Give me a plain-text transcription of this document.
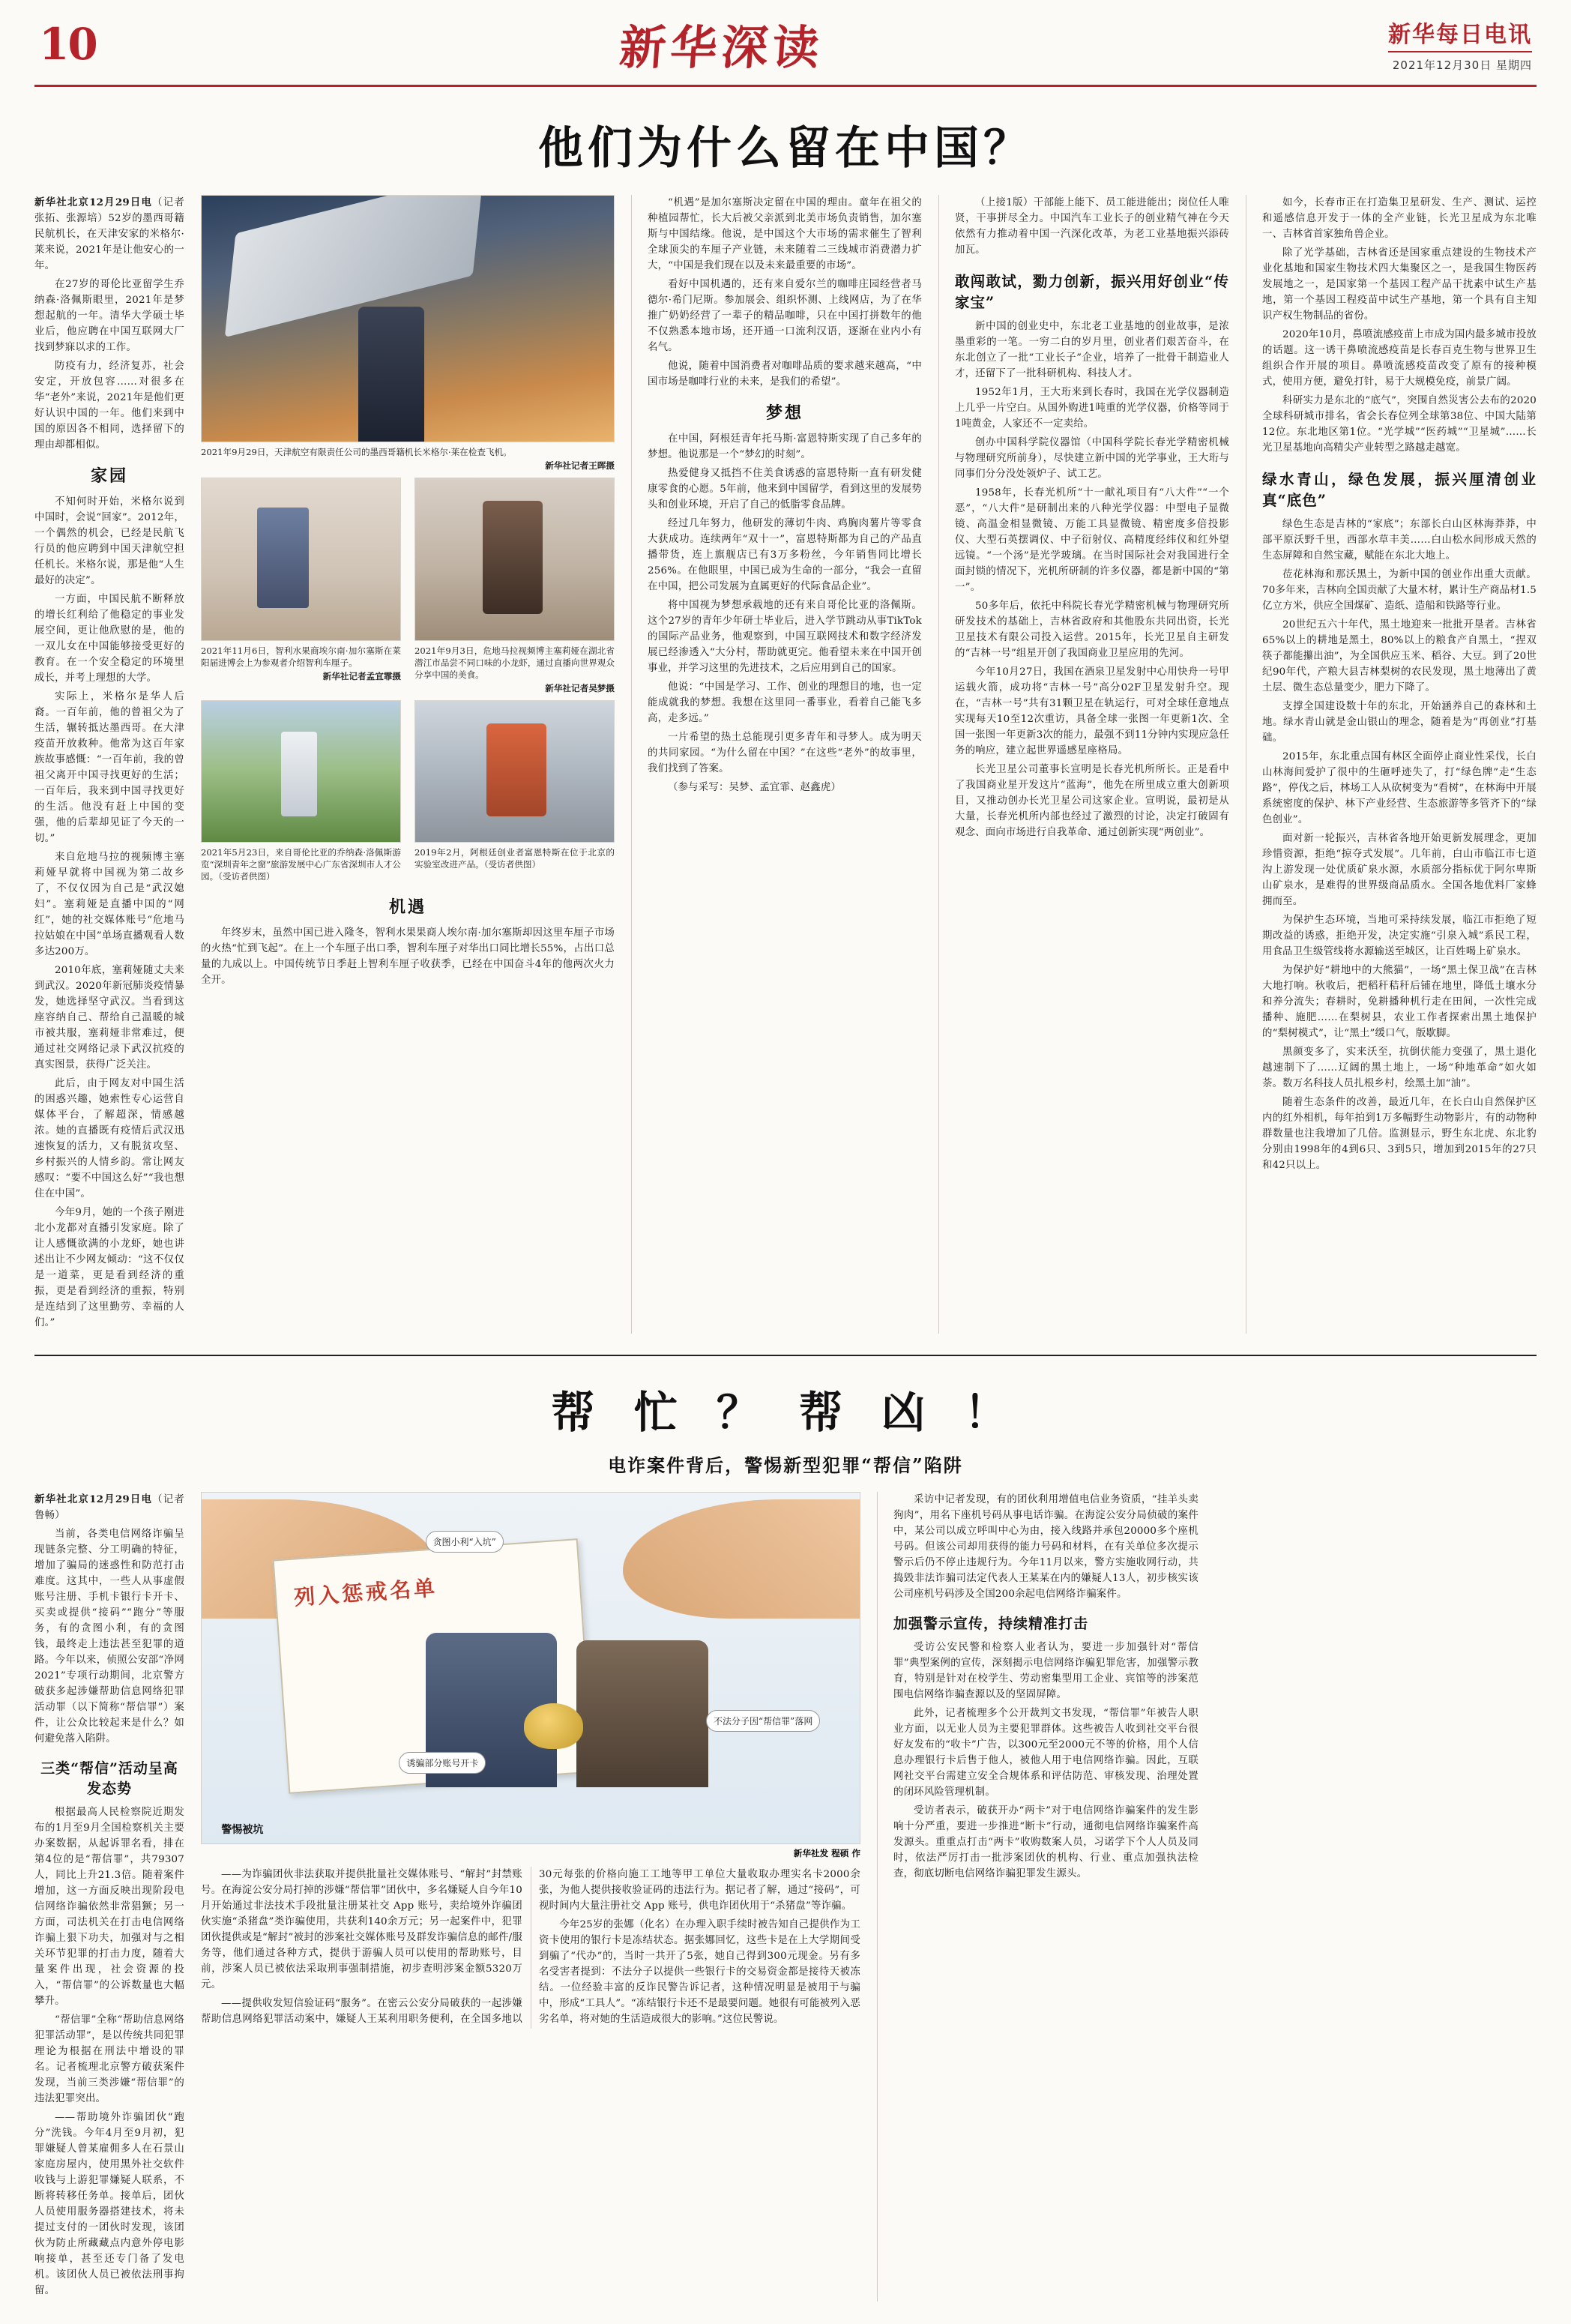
10	新华深读	新华每日电讯
2021年12月30日 星期四
他们为什么留在中国？

新华社北京12月29日电（记者张拓、张源培）52岁的墨西哥籍民航机长，在天津安家的米格尔·莱来说，2021年是让他安心的一年。

在27岁的哥伦比亚留学生乔纳森·洛佩斯眼里，2021年是梦想起航的一年。清华大学硕士毕业后，他应聘在中国互联网大厂找到梦寐以求的工作。

防疫有力，经济复苏，社会安定，开放包容……对很多在华“老外”来说，2021年是他们更好认识中国的一年。他们来到中国的原因各不相同，选择留下的理由却都相似。

家园

不知何时开始，米格尔说到中国时，会说“回家”。2012年，一个偶然的机会，已经是民航飞行员的他应聘到中国天津航空担任机长。米格尔说，那是他“人生最好的决定”。

一方面，中国民航不断释放的增长红利给了他稳定的事业发展空间，更让他欣慰的是，他的一双儿女在中国能够接受更好的教育。在一个安全稳定的环境里成长，并考上理想的大学。

实际上，米格尔是华人后裔。一百年前，他的曾祖父为了生活，辗转抵达墨西哥。在大津疫苗开放救种。他常为这百年家族故事感慨：“一百年前，我的曾祖父离开中国寻找更好的生活；一百年后，我来到中国寻找更好的生活。他没有赶上中国的变强，他的后辈却见证了今天的一切。”

来自危地马拉的视频博主塞莉娅早就将中国视为第二故乡了，不仅仅因为自己是“武汉媳妇”。塞莉娅是直播中国的“网红”，她的社交媒体账号“危地马拉姑娘在中国”单场直播观看人数多达200万。

2010年底，塞莉娅随丈夫来到武汉。2020年新冠肺炎疫情暴发，她选择坚守武汉。当看到这座容纳自己、帮给自己温暖的城市被共服，塞莉娅非常难过，便通过社交网络记录下武汉抗疫的真实图景，获得广泛关注。

此后，由于网友对中国生活的困惑兴趣，她索性专心运营自媒体平台，了解超深，情感越浓。她的直播既有疫情后武汉迅速恢复的活力，又有脱贫攻坚、乡村振兴的人情乡韵。常让网友感叹：“要不中国这么好”“我也想住在中国”。

今年9月，她的一个孩子刚进北小龙都对直播引发家庭。除了让人感慨欲满的小龙虾，她也讲述出让不少网友倾动：“这不仅仅是一道菜，更是看到经济的重振，更是看到经济的重振，特别是连结到了这里勤劳、幸福的人们。”

2021年9月29日，天津航空有限责任公司的墨西哥籍机长米格尔·莱在检查飞机。
新华社记者王晖摄
2021年11月6日，智利水果商埃尔南·加尔塞斯在莱阳届进博会上为参观者介绍智利车厘子。
新华社记者孟宜霏摄
2021年9月3日，危地马拉视频博主塞莉娅在湖北省潜江市品尝不同口味的小龙虾，通过直播向世界观众分享中国的美食。
新华社记者吴梦摄
2021年5月23日，来自哥伦比亚的乔纳森·洛佩斯游览“深圳青年之窗”旅游发展中心广东省深圳市人才公园。（受访者供图）
2019年2月，阿根廷创业者富恩特斯在位于北京的实验室改进产品。（受访者供图）
机遇

年终岁末，虽然中国已进入隆冬，智利水果果商人埃尔南·加尔塞斯却因这里车厘子市场的火热“忙到飞起”。在上一个车厘子出口季，智利车厘子对华出口同比增长55%，占出口总量的九成以上。中国传统节日季赶上智利车厘子收获季，已经在中国奋斗4年的他两次火力全开。

“机遇”是加尔塞斯决定留在中国的理由。童年在祖父的种植园帮忙，长大后被父亲派到北美市场负责销售，加尔塞斯与中国结缘。他说，是中国这个大市场的需求催生了智利全球顶尖的车厘子产业链，未来随着二三线城市消费潜力扩大，“中国是我们现在以及未来最重要的市场”。

看好中国机遇的，还有来自爱尔兰的咖啡庄园经营者马德尔·希门尼斯。参加展会、组织怀测、上线网店，为了在华推广奶奶经营了一辈子的精品咖啡，只在中国打拼数年的他不仅熟悉本地市场，还开通一口流利汉语，逐渐在业内小有名气。

他说，随着中国消费者对咖啡品质的要求越来越高，“中国市场是咖啡行业的未来，是我们的希望”。

梦想

在中国，阿根廷青年托马斯·富恩特斯实现了自己多年的梦想。他说那是一个“梦幻的时刻”。

热爱健身又抵挡不住美食诱惑的富恩特斯一直有研发健康零食的心愿。5年前，他来到中国留学，看到这里的发展势头和创业环境，开启了自己的低脂零食品牌。

经过几年努力，他研发的薄切牛肉、鸡胸肉薯片等零食大获成功。连续两年“双十一”，富恩特斯都为自己的产品直播带货，连上旗舰店已有3万多粉丝，今年销售同比增长256%。在他眼里，中国已成为生命的一部分，“我会一直留在中国，把公司发展为直属更好的代际食品企业”。

将中国视为梦想承载地的还有来自哥伦比亚的洛佩斯。这个27岁的青年少年研士毕业后，进入学节跳动从事TikTok的国际产品业务，他观察到，中国互联网技术和数字经济发展已经渗透入“大分村，帮助就更完。他看望未来在中国开创事业，并学习这里的先进技术，之后应用到自己的国家。

他说：“中国是学习、工作、创业的理想目的地，也一定能成就我的梦想。我想在这里同一番事业，看着自己能飞多高，走多远。”

一片希望的热土总能现引更多青年和寻梦人。成为明天的共同家园。“为什么留在中国？”在这些“老外”的故事里，我们找到了答案。

（参与采写：吴梦、孟宜霏、赵鑫虎）

（上接1版）干部能上能下、员工能进能出；岗位任人唯贤，干事拼尽全力。中国汽车工业长子的创业精气神在今天依然有力推动着中国一汽深化改革，为老工业基地振兴添砖加瓦。

敢闯敢试，勠力创新，振兴用好创业“传家宝”

新中国的创业史中，东北老工业基地的创业故事，是浓墨重彩的一笔。一穷二白的岁月里，创业者们艰苦奋斗，在东北创立了一批“工业长子”企业，培养了一批骨干制造业人才，还留下了一批科研机构、科技人才。

1952年1月，王大珩来到长春时，我国在光学仪器制造上几乎一片空白。从国外购进1吨重的光学仪器，价格等同于1吨黄金，人家还不一定卖给。

创办中国科学院仪器馆（中国科学院长春光学精密机械与物理研究所前身），尽快建立新中国的光学事业，王大珩与同事们分分没处领炉子、试工艺。

1958年，长春光机所“十一献礼项目有“八大件”“一个恶”，“八大件”是研制出来的八种光学仪器：中型电子显微镜、高温金相显微镜、万能工具显微镜、精密度多倍投影仪、大型石英摆调仪、中子衍射仪、高精度经纬仪和红外望远镜。“一个汤”是光学玻璃。在当时国际社会对我国进行全面封锁的情况下，光机所研制的许多仪器，都是新中国的“第一”。

50多年后，依托中科院长春光学精密机械与物理研究所研发技术的基础上，吉林省政府和其他股东共同出资，长光卫星技术有限公司投入运营。2015年，长光卫星自主研发的“吉林一号”组星开创了我国商业卫星应用的先河。

今年10月27日，我国在酒泉卫星发射中心用快舟一号甲运载火箭，成功将“吉林一号”高分02F卫星发射升空。现在，“吉林一号”共有31颗卫星在轨运行，可对全球任意地点实现每天10至12次重访，具备全球一张图一年更新1次、全国一张图一年更新3次的能力，最强不到11分钟内实现应急任务的响应，建立起世界遥感星座格局。

长光卫星公司董事长宣明是长春光机所所长。正是看中了我国商业星开发这片“蓝海”，他先在所里成立重大创新项目，又推动创办长光卫星公司这家企业。宣明说，最初是从大量，长春光机所内部也经过了激烈的讨论，决定打破固有观念、面向市场进行自我革命、通过创新实现“两创业”。

如今，长春市正在打造集卫星研发、生产、测试、运控和遥感信息开发于一体的全产业链，长光卫星成为东北唯一、吉林省首家独角兽企业。

除了光学基础，吉林省还是国家重点建设的生物技术产业化基地和国家生物技术四大集聚区之一，是我国生物医药发展地之一，是国家第一个基因工程产品干扰素中试生产基地，第一个基因工程疫苗中试生产基地，第一个具有自主知识产权生物制品的省份。

2020年10月，鼻喷流感疫苗上市成为国内最多城市投放的话题。这一诱干鼻喷流感疫苗是长春百克生物与世界卫生组织合作开展的项目。鼻喷流感疫苗改变了原有的接种模式，使用方便，避免打针，易于大规模免疫，前景广阔。

科研实力是东北的“底气”，突围自然災害公去布的2020全球科研城市排名，省会长春位列全球第38位、中国大陆第12位。东北地区第1位。“光学城”“医药城”“卫星城”……长光卫星基地向高精尖产业转型之路越走越宽。

绿水青山，绿色发展，振兴厘清创业真“底色”

绿色生态是吉林的“家底”；东部长白山区林海莽莽，中部平原沃野千里，西部水草丰美……白山松水间形成天然的生态屏障和自然宝藏，赋能在东北大地上。

莅花林海和那沃黑土，为新中国的创业作出重大贡献。70多年来，吉林向全国贡献了大量木材，累计生产商品材1.5亿立方米，供应全国煤矿、造纸、造船和铁路等行业。

20世纪五六十年代，黑土地迎来一批批开垦者。吉林省65%以上的耕地是黑土，80%以上的粮食产自黑土，“捏双筷子都能攥出油”，为全国供应玉米、稻谷、大豆。到了20世纪90年代，产粮大县吉林梨树的农民发现，黑土地薄出了黄土层、微生态总量变少，肥力下降了。

支撑全国建设数十年的东北，开始涵养自己的森林和土地。绿水青山就是金山银山的理念，随着是为“再创业”打基础。

2015年，东北重点国有林区全面停止商业性采伐，长白山林海间爱护了很中的生砸呼迹失了，打“绿色牌”走“生态路”，停伐之后，林场工人从砍树变为“看树”，在林海中开展系统密度的保护、林下产业经营、生态旅游等多管齐下的“绿色创业”。

面对新一轮振兴，吉林省各地开始更新发展理念，更加珍惜资源，拒绝“掠夺式发展”。几年前，白山市临江市七道沟上游发现一处优质矿泉水源，水质部分指标优于阿尔卑斯山矿泉水，是难得的世界级商品质水。全国各地优料厂家蜂拥而至。

为保护生态环境，当地可采持续发展，临江市拒绝了短期改益的诱惑，拒绝开发，决定实施“引泉入城”系民工程，用食品卫生级管线将水源输送至城区，让百姓喝上矿泉水。

为保护好“耕地中的大熊猫”，一场“黑土保卫战”在吉林大地打响。秋收后，把稻秆秸秆后铺在地里，降低土壤水分和养分流失；春耕时，免耕播种机行走在田间，一次性完成播种、施肥……在梨树县，农业工作者探索出黑土地保护的“梨树模式”，让“黑土”缓口气，版歇脚。

黑颜变多了，实来沃至，抗倒伏能力变强了，黑土退化越速制下了……辽阔的黑土地上，一场“种地革命”如火如荼。数万名科技人员扎根乡村，绘黑土加“油”。

随着生态条件的改善，最近几年，在长白山自然保护区内的红外相机，每年拍到1万多幅野生动物影片，有的动物种群数量也注我增加了几倍。监测显示，野生东北虎、东北豹分别由1998年的4到6只、3到5只，增加到2015年的27只和42只以上。

帮 忙 ？ 帮 凶 ！
电诈案件背后，警惕新型犯罪“帮信”陷阱

新华社北京12月29日电（记者鲁畅）

当前，各类电信网络诈骗呈现链条完整、分工明确的特征，增加了骗局的迷惑性和防范打击难度。这其中，一些人从事虚假账号注册、手机卡银行卡开卡、买卖或提供“接码”“跑分”等服务，有的贪图小利，有的贪图钱，最终走上违法甚至犯罪的道路。今年以来，侦照公安部“净网2021”专项行动期间，北京警方破获多起涉嫌帮助信息网络犯罪活动罪（以下简称“帮信罪”）案件，让公众比较起来是什么？如何避免落入陷阱。

三类“帮信”活动呈高发态势

根据最高人民检察院近期发布的1月至9月全国检察机关主要办案数据，从起诉罪名看，排在第4位的是“帮信罪”，共79307人，同比上升21.3倍。随着案件增加，这一方面反映出现阶段电信网络诈骗依然非常猖獗；另一方面，司法机关在打击电信网络诈骗上狠下功夫，加强对与之相关环节犯罪的打击力度，随着大量案件出现，社会资源的投入，“帮信罪”的公诉数量也大幅攀升。

“帮信罪”全称“帮助信息网络犯罪活动罪”，是以传统共同犯罪理论为根据在刑法中增设的罪名。记者梳理北京警方破获案件发现，当前三类涉嫌“帮信罪”的违法犯罪突出。

——帮助境外诈骗团伙“跑分”洗钱。今年4月至9月初，犯罪嫌疑人曾某雇佣多人在石景山家庭房屋内，使用黑外社交软件收钱与上游犯罪嫌疑人联系，不断将转移任务单。接单后，团伙人员使用服务器搭建技术，将未提过支付的一团伙时发现，该团伙为防止所藏藏点内意外停电影响接单，甚至还专门备了发电机。该团伙人员已被依法刑事拘留。

列入惩戒名单
贪图小利“入坑”
诱骗部分账号开卡
不法分子因“帮信罪”落网
警惕被坑
新华社发 程硕 作

——为诈骗团伙非法获取并提供批量社交媒体账号、“解封”封禁账号。在海淀公安分局打掉的涉嫌“帮信罪”团伙中，多名嫌疑人自今年10月开始通过非法技术手段批量注册某社交 App 账号，卖给境外诈骗团伙实施“杀猪盘”类诈骗使用，共获利140余万元；另一起案件中，犯罪团伙提供或是“解封”被封的涉案社交媒体账号及群发诈骗信息的邮件/服务等，他们通过各种方式，提供于游骗人员可以使用的帮助账号，目前，涉案人员已被依法采取刑事强制措施，初步查明涉案金额5320万元。

——提供收发短信验证码“服务”。在密云公安分局破获的一起涉嫌帮助信息网络犯罪活动案中，嫌疑人王某利用职务便利，在全国多地以30元每张的价格向施工工地等甲工单位大量收取办理实名卡2000余张，为他人提供接收验证码的违法行为。据记者了解，通过“接码”，可视时间内大量注册社交 App 账号，供电诈团伙用于“杀猪盘”等诈骗。

今年25岁的张娜（化名）在办理入职手续时被告知自己提供作为工资卡使用的银行卡是冻结状态。据张娜回忆，这些卡是在上大学期间受到骗了“代办”的，当时一共开了5张，她自己得到300元现金。另有多名受害者提到：不法分子以提供一些银行卡的交易资金都是接待天被冻结。一位经验丰富的反诈民警告诉记者，这种情况明显是被用于与骗中，形成“工具人”。“冻结银行卡还不是最要问题。她很有可能被列入恶劣名单，将对她的生活造成很大的影响。”这位民警说。

采访中记者发现，有的团伙利用增值电信业务资质，“挂羊头卖狗肉”，用名下座机号码从事电话诈骗。在海淀公安分局侦破的案件中，某公司以成立呼叫中心为由，接入线路并承包20000多个座机号码。但该公司却用获得的能力号码和材料，在有关单位多次提示警示后仍不停止违规行为。今年11月以来，警方实施收网行动，共捣毁非法诈骗司法定代表人王某某在内的嫌疑人13人，初步核实该公司座机号码涉及全国200余起电信网络诈骗案件。

加强警示宣传，持续精准打击

受访公安民警和检察人业者认为，要进一步加强针对“帮信罪”典型案例的宣传，深刻揭示电信网络诈骗犯罪危害，加强警示教育，特别是针对在校学生、劳动密集型用工企业、宾馆等的涉案范围电信网络诈骗查源以及的坚固屏障。

此外，记者梳理多个公开裁判文书发现，“帮信罪”年被告人职业方面，以无业人员为主要犯罪群体。这些被告人收到社交平台很好友发布的“收卡”广告，以300元至2000元不等的价格，用个人信息办理银行卡后售于他人，被他人用于电信网络诈骗。因此，互联网社交平台需建立安全合规体系和评估防范、审核发现、治理处置的闭环风险管理机制。

受访者表示，破获开办“两卡”对于电信网络诈骗案件的发生影响十分严重，要进一步推进“断卡”行动，通彻电信网络诈骗案件高发源头。重重点打击“两卡”收购数案人员，习诺学下个人人员及同时，依法严厉打击一批涉案团伙的机构、行业、重点加强执法检查，彻底切断电信网络诈骗犯罪发生源头。
